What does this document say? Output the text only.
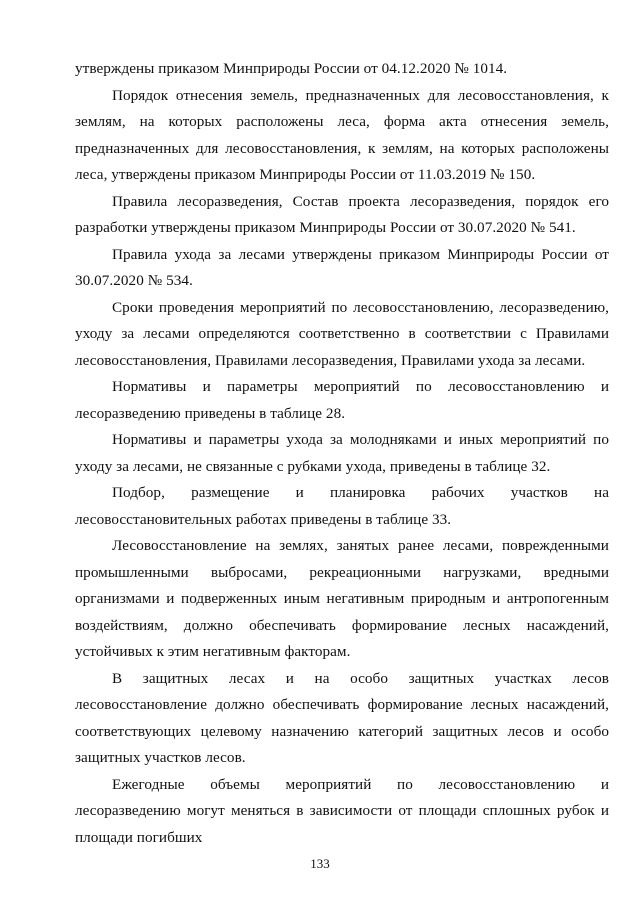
утверждены приказом Минприроды России от 04.12.2020 № 1014.

Порядок отнесения земель, предназначенных для лесовосстановления, к землям, на которых расположены леса, форма акта отнесения земель, предназначенных для лесовосстановления, к землям, на которых расположены леса, утверждены приказом Минприроды России от 11.03.2019 № 150.

Правила лесоразведения, Состав проекта лесоразведения, порядок его разработки утверждены приказом Минприроды России от 30.07.2020 № 541.

Правила ухода за лесами утверждены приказом Минприроды России от 30.07.2020 № 534.

Сроки проведения мероприятий по лесовосстановлению, лесоразведению, уходу за лесами определяются соответственно в соответствии с Правилами лесовосстановления, Правилами лесоразведения, Правилами ухода за лесами.

Нормативы и параметры мероприятий по лесовосстановлению и лесоразведению приведены в таблице 28.

Нормативы и параметры ухода за молодняками и иных мероприятий по уходу за лесами, не связанные с рубками ухода, приведены в таблице 32.

Подбор, размещение и планировка рабочих участков на лесовосстановительных работах приведены в таблице 33.

Лесовосстановление на землях, занятых ранее лесами, поврежденными промышленными выбросами, рекреационными нагрузками, вредными организмами и подверженных иным негативным природным и антропогенным воздействиям, должно обеспечивать формирование лесных насаждений, устойчивых к этим негативным факторам.

В защитных лесах и на особо защитных участках лесов лесовосстановление должно обеспечивать формирование лесных насаждений, соответствующих целевому назначению категорий защитных лесов и особо защитных участков лесов.

Ежегодные объемы мероприятий по лесовосстановлению и лесоразведению могут меняться в зависимости от площади сплошных рубок и площади погибших

133
